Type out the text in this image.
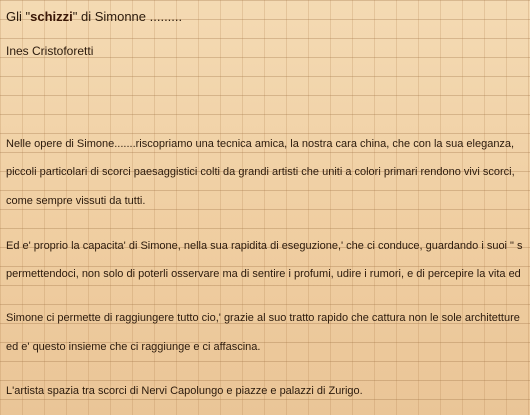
Gli "schizzi" di Simonne .........
Ines Cristoforetti
Nelle opere di Simone.......riscopriamo una tecnica amica, la nostra cara china, che con la sua eleganza,
piccoli particolari di scorci paesaggistici colti da grandi artisti che uniti a colori primari rendono vivi scorci,
come sempre vissuti da tutti.
Ed e' proprio la capacita' di Simone, nella sua rapidita di eseguzione,' che ci conduce, guardando i suoi " s
permettendoci, non solo di poterli osservare ma di sentire i profumi, udire i rumori, e di percepire la vita ed
Simone ci permette di raggiungere tutto cio,' grazie al suo tratto rapido che cattura non le sole architetture
ed e' questo insieme che ci raggiunge e ci affascina.
L'artista spazia tra scorci di Nervi Capolungo e piazze e palazzi di Zurigo.
